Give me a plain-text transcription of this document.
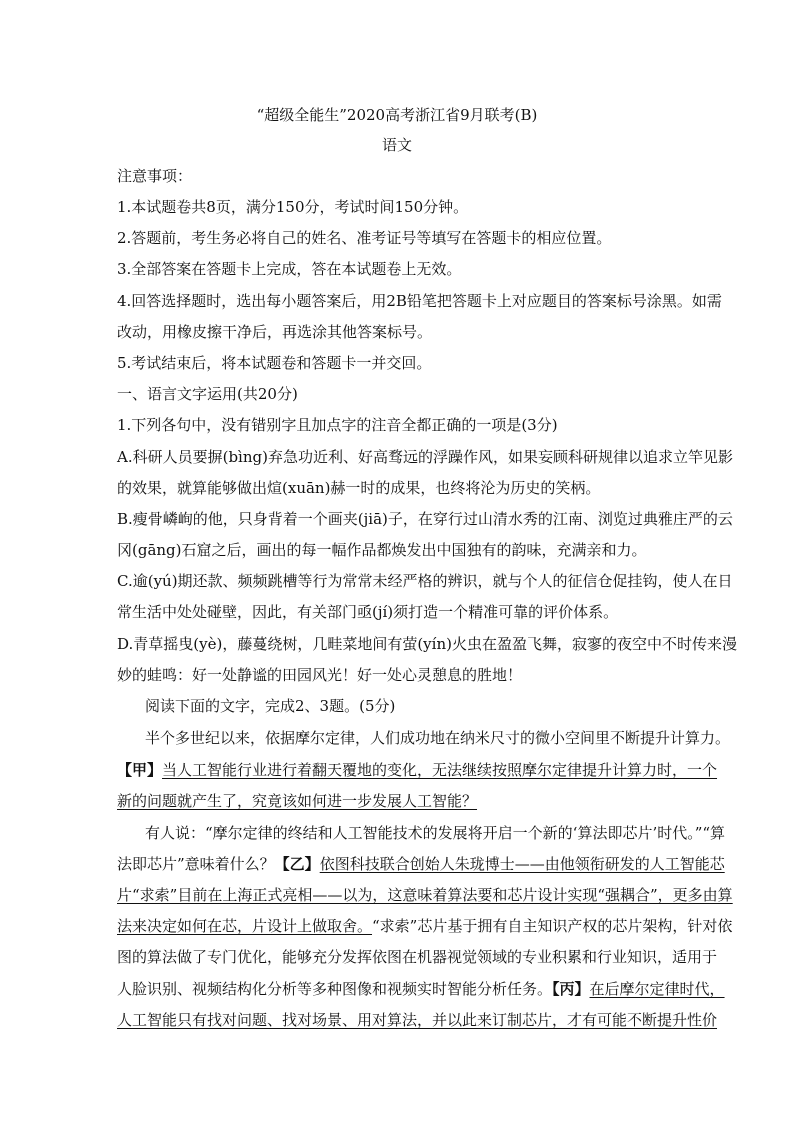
“超级全能生”2020高考浙江省9月联考(B)
语文
注意事项：
1.本试题卷共8页，满分150分，考试时间150分钟。
2.答题前，考生务必将自己的姓名、准考证号等填写在答题卡的相应位置。
3.全部答案在答题卡上完成，答在本试题卷上无效。
4.回答选择题时，选出每小题答案后，用2B铅笔把答题卡上对应题目的答案标号涂黑。如需
改动，用橡皮擦干净后，再选涂其他答案标号。
5.考试结束后，将本试题卷和答题卡一并交回。
一、语言文字运用(共20分)
1.下列各句中，没有错别字且加点字的注音全都正确的一项是(3分)
A.科研人员要摒(bìng)弃急功近利、好高骛远的浮躁作风，如果妄顾科研规律以追求立竿见影
的效果，就算能够做出煊(xuān)赫一时的成果，也终将沦为历史的笑柄。
B.瘦骨嶙峋的他，只身背着一个画夹(jiā)子，在穿行过山清水秀的江南、浏览过典雅庄严的云
冈(gāng)石窟之后，画出的每一幅作品都焕发出中国独有的韵味，充满亲和力。
C.逾(yú)期还款、频频跳槽等行为常常未经严格的辨识，就与个人的征信仓促挂钩，使人在日
常生活中处处碰壁，因此，有关部门亟(jí)须打造一个精准可靠的评价体系。
D.青草摇曳(yè)，藤蔓绕树，几畦菜地间有萤(yín)火虫在盈盈飞舞，寂寥的夜空中不时传来漫
妙的蛙鸣：好一处静谧的田园风光！好一处心灵憩息的胜地！
阅读下面的文字，完成2、3题。(5分)
半个多世纪以来，依据摩尔定律，人们成功地在纳米尺寸的微小空间里不断提升计算力。
【甲】当人工智能行业进行着翻天覆地的变化，无法继续按照摩尔定律提升计算力时，一个
新的问题就产生了，究竟该如何进一步发展人工智能？
有人说：“摩尔定律的终结和人工智能技术的发展将开启一个新的‘算法即芯片’时代。”“算
法即芯片”意味着什么？【乙】依图科技联合创始人朱珑博士——由他领衔研发的人工智能芯
片“求索”目前在上海正式亮相——以为，这意味着算法要和芯片设计实现“强耦合”，更多由算
法来决定如何在芯，片设计上做取舍。“求索”芯片基于拥有自主知识产权的芯片架构，针对依
图的算法做了专门优化，能够充分发挥依图在机器视觉领域的专业积累和行业知识，适用于
人脸识别、视频结构化分析等多种图像和视频实时智能分析任务。【丙】在后摩尔定律时代，
人工智能只有找对问题、找对场景、用对算法，并以此来订制芯片，才有可能不断提升性价
